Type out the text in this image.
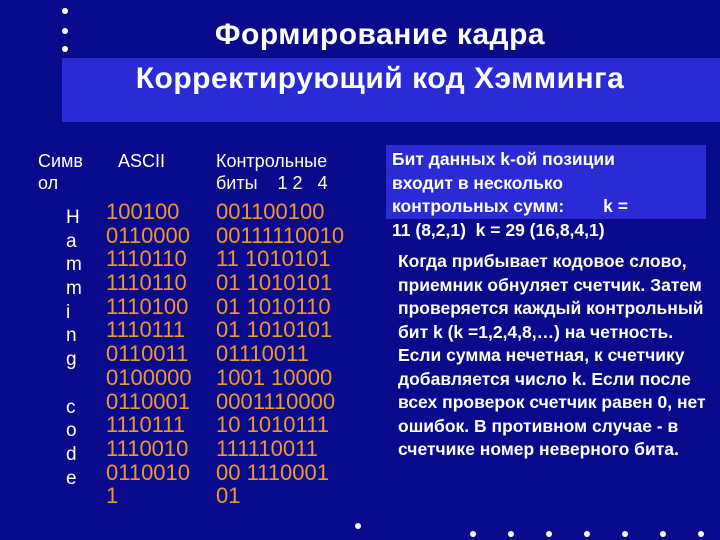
Формирование кадра
Корректирующий код Хэмминга
Симв
ол
ASCII	Контрольные
биты    1 2   4
H
a
m
m
i
n
g
c
o
d
e
100100
0110000
1110110
1110110
1110100
1110111
0110011
0100000
0110001
1110111
1110010
0110010
1
001100100
00111110010
11 1010101
01 1010101
01 1010110
01 1010101
01110011
1001 10000
0001110000
10 1010111
111110011
00 1110001
01
Бит данных k-ой позиции
входит в несколько
контрольных сумм:        k =
11 (8,2,1)  k = 29 (16,8,4,1)
Когда прибывает кодовое слово, приемник обнуляет счетчик. Затем проверяется каждый контрольный бит k (k =1,2,4,8,…) на четность. Если сумма нечетная, к счетчику добавляется число k. Если после всех проверок счетчик равен 0, нет ошибок. В противном случае - в счетчике номер неверного бита.
